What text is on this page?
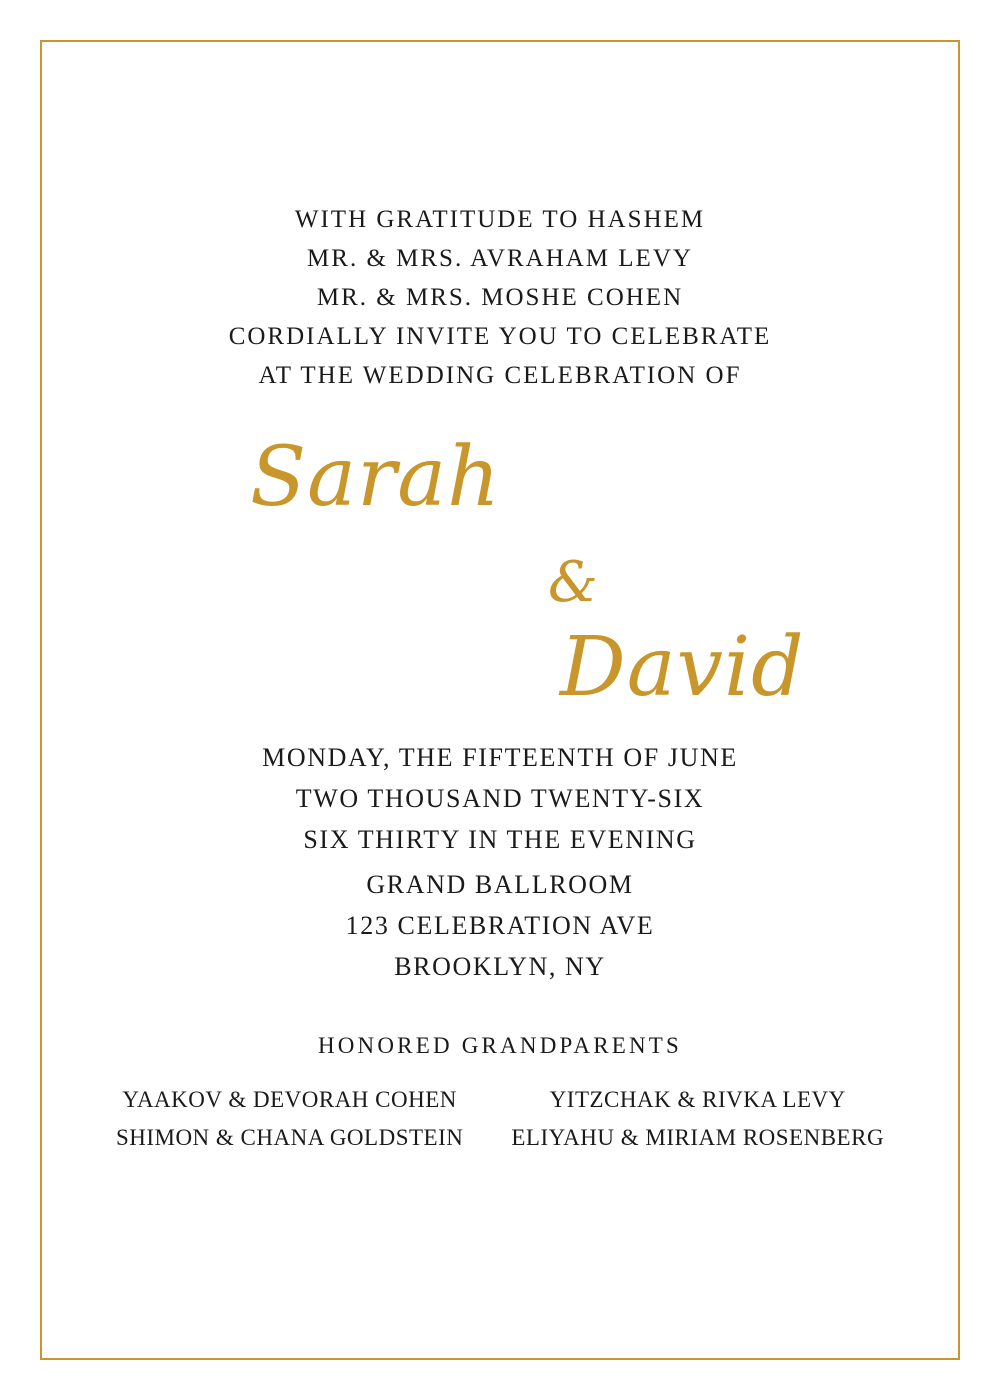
WITH GRATITUDE TO HASHEM
MR. & MRS. AVRAHAM LEVY
MR. & MRS. MOSHE COHEN
CORDIALLY INVITE YOU TO CELEBRATE
AT THE WEDDING CELEBRATION OF
Sarah
&
David
MONDAY, THE FIFTEENTH OF JUNE
TWO THOUSAND TWENTY-SIX
SIX THIRTY IN THE EVENING
GRAND BALLROOM
123 CELEBRATION AVE
BROOKLYN, NY
HONORED GRANDPARENTS
YAAKOV & DEVORAH COHEN
SHIMON & CHANA GOLDSTEIN
YITZCHAK & RIVKA LEVY
ELIYAHU & MIRIAM ROSENBERG
